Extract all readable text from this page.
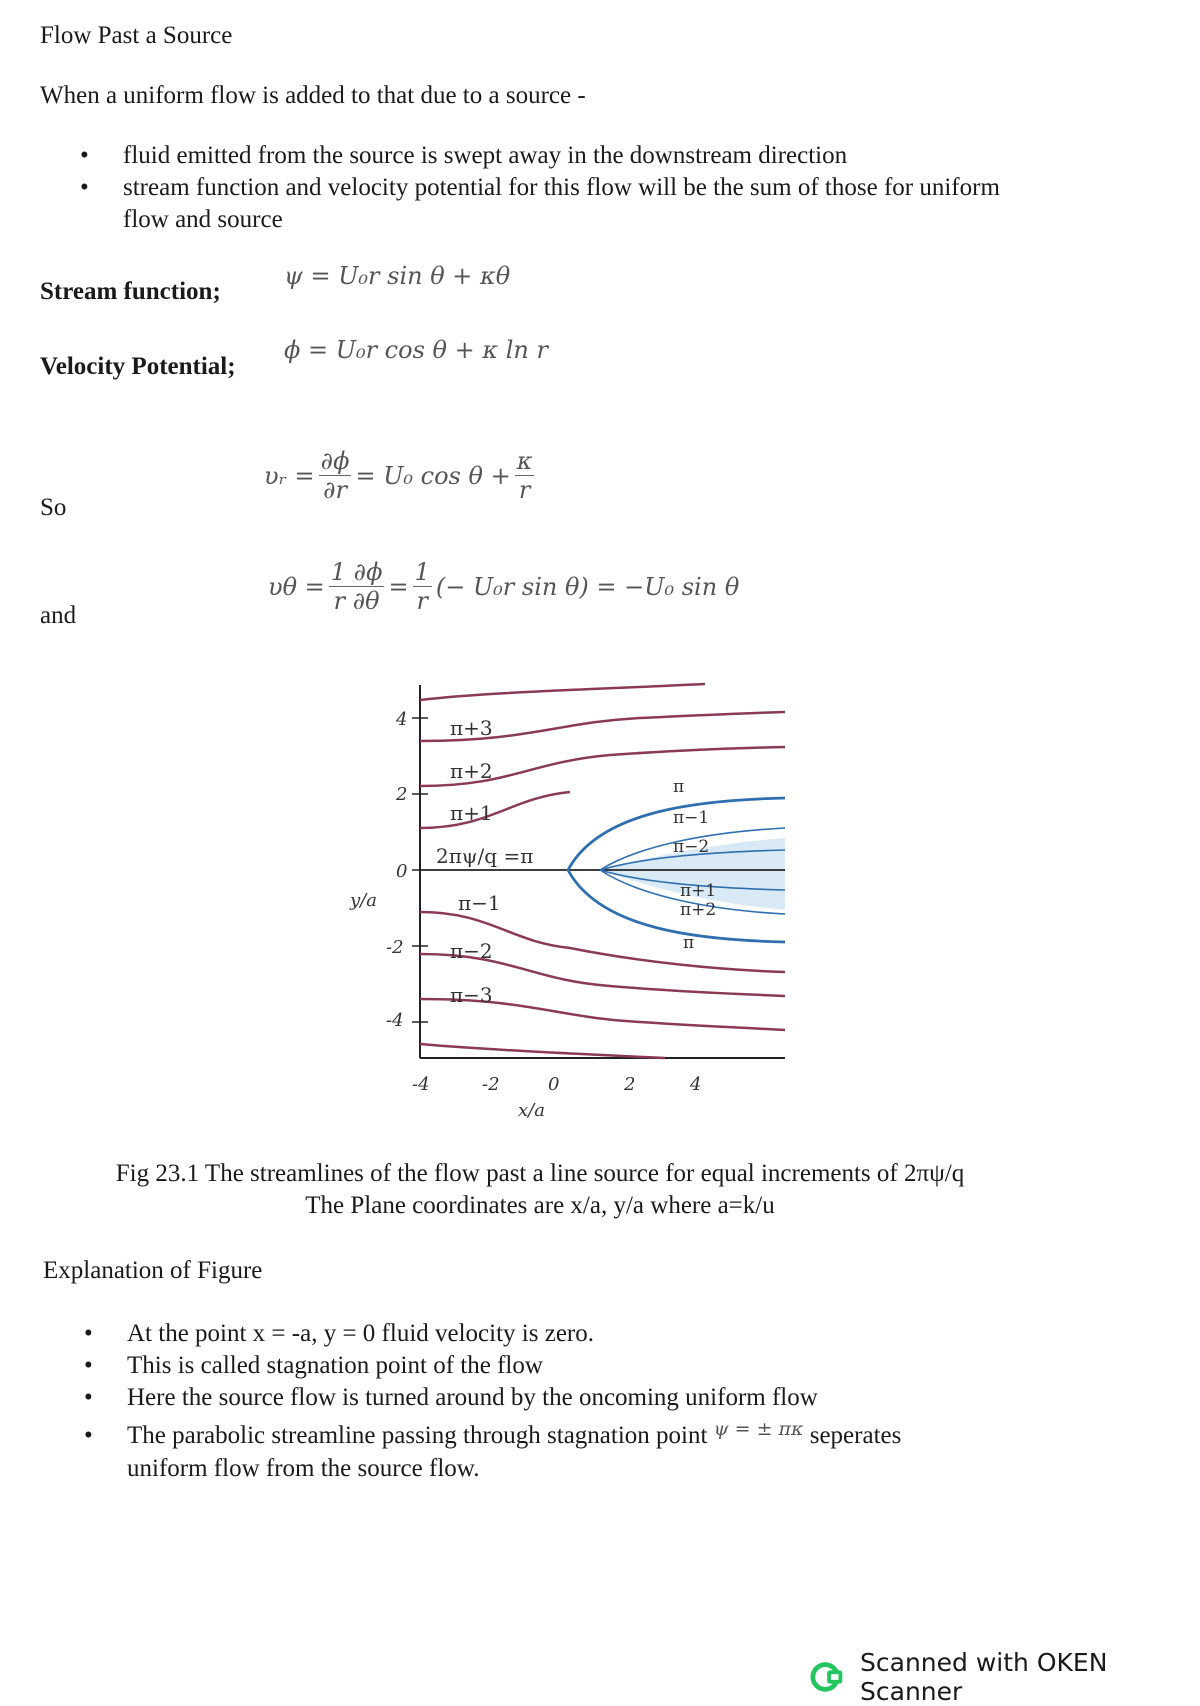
Flow Past a Source
When a uniform flow is added to that due to a source -
• fluid emitted from the source is swept away in the downstream direction
• stream function and velocity potential for this flow will be the sum of those for uniform flow and source
Stream function;
ψ = U₀r sin θ + κθ
Velocity Potential;
ϕ = U₀r cos θ + κ ln r
So
υᵣ = $\frac{\partial\phi}{\partial r} = U_0$ $\cos \theta + \frac{\kappa}{r}$
and
$\upsilon\theta = \frac{1 \partial\phi}{r \partial\theta} = \frac{1}{r}$ (− U₀r sin θ) = −U₀ sin θ
4
2
0
-2
-4
y/a
-4	-2	0	2	4
x/a
π+3
π+2
π+1
2πψ/q =π
π−1
π−2
π−3
π
π−1
π−2
π+1
π+2
π
Fig 23.1 The streamlines of the flow past a line source for equal increments of 2πψ/q
The Plane coordinates are x/a, y/a where a=k/u
Explanation of Figure
• At the point x = -a, y = 0 fluid velocity is zero.
• This is called stagnation point of the flow
• Here the source flow is turned around by the oncoming uniform flow
• The parabolic streamline passing through stagnation point $^{\psi = \pm \pi\kappa}$ seperates
uniform flow from the source flow.
Scanned with OKEN Scanner
